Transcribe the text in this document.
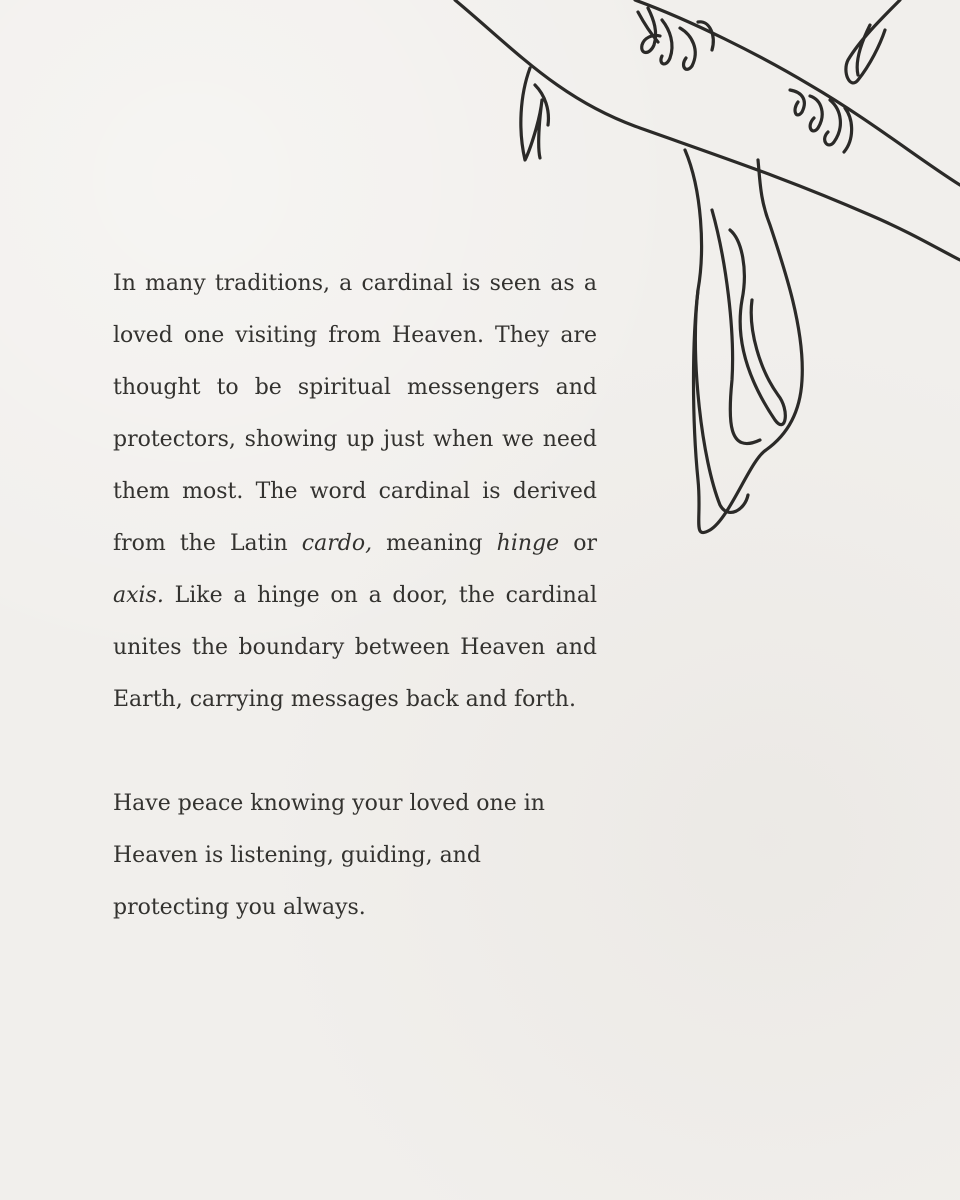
In many traditions, a cardinal is seen as a loved one visiting from Heaven. They are thought to be spiritual messengers and protectors, showing up just when we need them most. The word cardinal is derived from the Latin cardo, meaning hinge or axis. Like a hinge on a door, the cardinal unites the boundary between Heaven and Earth, carrying messages back and forth.

Have peace knowing your loved one in Heaven is listening, guiding, and protecting you always.
